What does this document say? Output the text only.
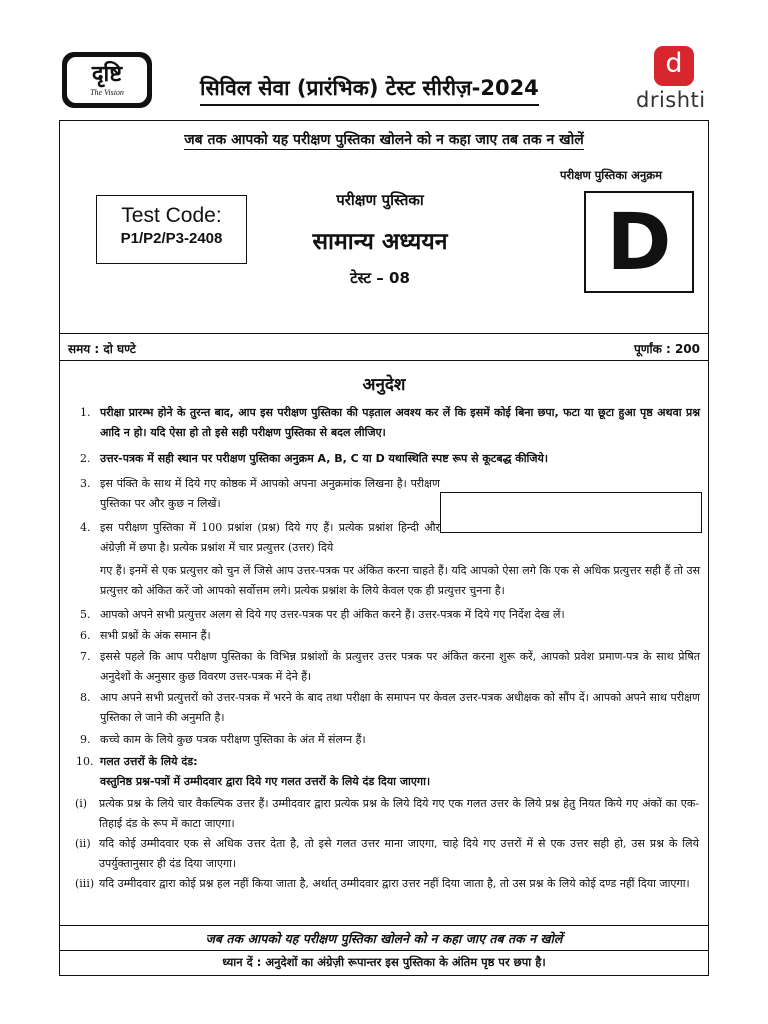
दृष्टि
The Vision	सिविल सेवा (प्रारंभिक) टेस्ट सीरीज़-2024
d
drishti
जब तक आपको यह परीक्षण पुस्तिका खोलने को न कहा जाए तब तक न खोलें
परीक्षण पुस्तिका अनुक्रम
D
Test Code:
P1/P2/P3-2408
परीक्षण पुस्तिका
सामान्य अध्ययन
टेस्ट – 08
समय : दो घण्टे	पूर्णांक : 200
अनुदेश
1. परीक्षा प्रारम्भ होने के तुरन्त बाद, आप इस परीक्षण पुस्तिका की पड़ताल अवश्य कर लें कि इसमें कोई बिना छपा, फटा या छूटा हुआ पृष्ठ अथवा प्रश्न आदि न हो। यदि ऐसा हो तो इसे सही परीक्षण पुस्तिका से बदल लीजिए।
2. उत्तर-पत्रक में सही स्थान पर परीक्षण पुस्तिका अनुक्रम A, B, C या D यथास्थिति स्पष्ट रूप से कूटबद्ध कीजिये।
3. इस पंक्ति के साथ में दिये गए कोष्ठक में आपको अपना अनुक्रमांक लिखना है। परीक्षण पुस्तिका पर और कुछ न लिखें।
4. इस परीक्षण पुस्तिका में 100 प्रश्नांश (प्रश्न) दिये गए हैं। प्रत्येक प्रश्नांश हिन्दी और अंग्रेज़ी में छपा है। प्रत्येक प्रश्नांश में चार प्रत्युत्तर (उत्तर) दिये
गए हैं। इनमें से एक प्रत्युत्तर को चुन लें जिसे आप उत्तर-पत्रक पर अंकित करना चाहते हैं। यदि आपको ऐसा लगे कि एक से अधिक प्रत्युत्तर सही हैं तो उस प्रत्युत्तर को अंकित करें जो आपको सर्वोत्तम लगे। प्रत्येक प्रश्नांश के लिये केवल एक ही प्रत्युत्तर चुनना है।
5. आपको अपने सभी प्रत्युत्तर अलग से दिये गए उत्तर-पत्रक पर ही अंकित करने हैं। उत्तर-पत्रक में दिये गए निर्देश देख लें।
6. सभी प्रश्नों के अंक समान हैं।
7. इससे पहले कि आप परीक्षण पुस्तिका के विभिन्न प्रश्नांशों के प्रत्युत्तर उत्तर पत्रक पर अंकित करना शुरू करें, आपको प्रवेश प्रमाण-पत्र के साथ प्रेषित अनुदेशों के अनुसार कुछ विवरण उत्तर-पत्रक में देने हैं।
8. आप अपने सभी प्रत्युत्तरों को उत्तर-पत्रक में भरने के बाद तथा परीक्षा के समापन पर केवल उत्तर-पत्रक अधीक्षक को सौंप दें। आपको अपने साथ परीक्षण पुस्तिका ले जाने की अनुमति है।
9. कच्चे काम के लिये कुछ पत्रक परीक्षण पुस्तिका के अंत में संलग्न हैं।
10. गलत उत्तरों के लिये दंड:
वस्तुनिष्ठ प्रश्न-पत्रों में उम्मीदवार द्वारा दिये गए गलत उत्तरों के लिये दंड दिया जाएगा।
(i) प्रत्येक प्रश्न के लिये चार वैकल्पिक उत्तर हैं। उम्मीदवार द्वारा प्रत्येक प्रश्न के लिये दिये गए एक गलत उत्तर के लिये प्रश्न हेतु नियत किये गए अंकों का एक-तिहाई दंड के रूप में काटा जाएगा।
(ii) यदि कोई उम्मीदवार एक से अधिक उत्तर देता है, तो इसे गलत उत्तर माना जाएगा, चाहे दिये गए उत्तरों में से एक उत्तर सही हो, उस प्रश्न के लिये उपर्युक्तानुसार ही दंड दिया जाएगा।
(iii) यदि उम्मीदवार द्वारा कोई प्रश्न हल नहीं किया जाता है, अर्थात् उम्मीदवार द्वारा उत्तर नहीं दिया जाता है, तो उस प्रश्न के लिये कोई दण्ड नहीं दिया जाएगा।
जब तक आपको यह परीक्षण पुस्तिका खोलने को न कहा जाए तब तक न खोलें
ध्यान दें : अनुदेशों का अंग्रेज़ी रूपान्तर इस पुस्तिका के अंतिम पृष्ठ पर छपा है।
